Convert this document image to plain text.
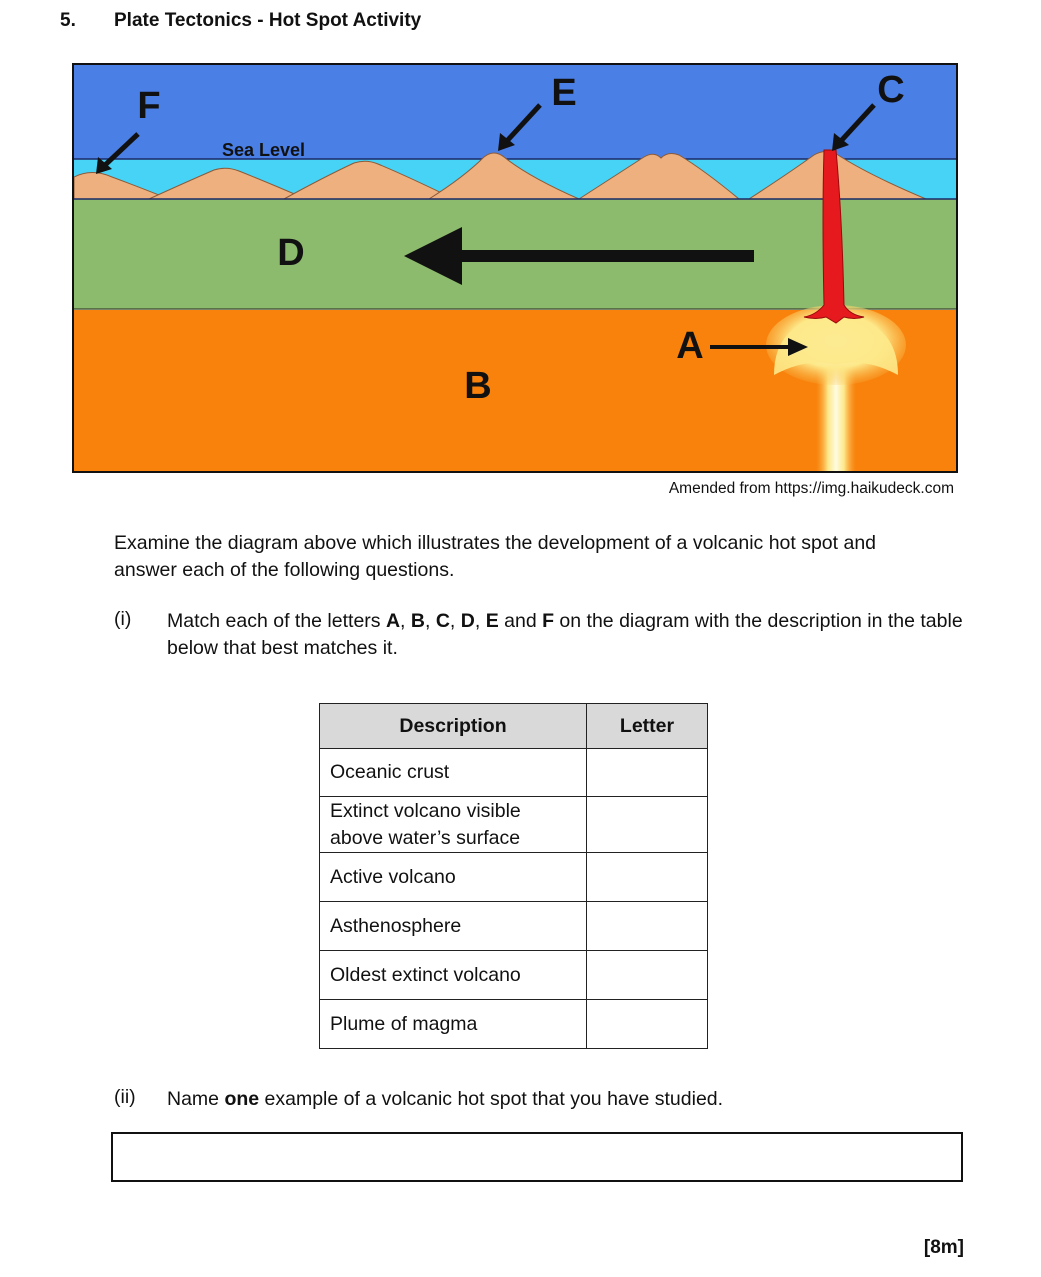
5. Plate Tectonics - Hot Spot Activity
F	E	C
D
B
A
Sea Level
Amended from https://img.haikudeck.com
Examine the diagram above which illustrates the development of a volcanic hot spot and answer each of the following questions.
(i) Match each of the letters A, B, C, D, E and F on the diagram with the description in the table below that best matches it.
Description	Letter
Oceanic crust	
Extinct volcano visible above water’s surface	
Active volcano	
Asthenosphere	
Oldest extinct volcano	
Plume of magma	
(ii) Name one example of a volcanic hot spot that you have studied.
[8m]
